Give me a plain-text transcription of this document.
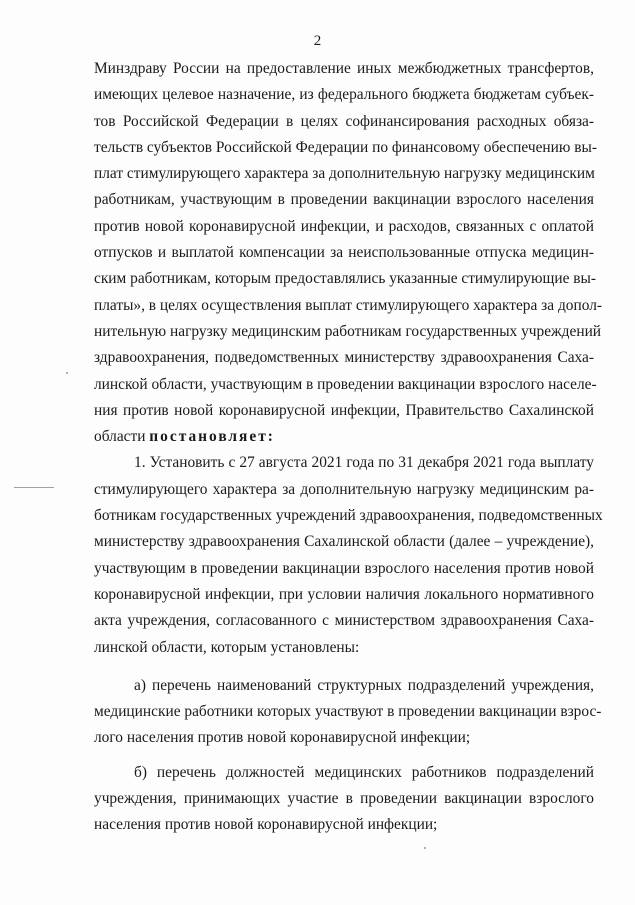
2
Минздраву России на предоставление иных межбюджетных трансфертов,
имеющих целевое назначение, из федерального бюджета бюджетам субъек-
тов Российской Федерации в целях софинансирования расходных обяза-
тельств субъектов Российской Федерации по финансовому обеспечению вы-
плат стимулирующего характера за дополнительную нагрузку медицинским
работникам, участвующим в проведении вакцинации взрослого населения
против новой коронавирусной инфекции, и расходов, связанных с оплатой
отпусков и выплатой компенсации за неиспользованные отпуска медицин-
ским работникам, которым предоставлялись указанные стимулирующие вы-
платы», в целях осуществления выплат стимулирующего характера за допол-
нительную нагрузку медицинским работникам государственных учреждений
здравоохранения, подведомственных министерству здравоохранения Саха-
линской области, участвующим в проведении вакцинации взрослого населе-
ния против новой коронавирусной инфекции, Правительство Сахалинской
области постановляет:
1. Установить с 27 августа 2021 года по 31 декабря 2021 года выплату
стимулирующего характера за дополнительную нагрузку медицинским ра-
ботникам государственных учреждений здравоохранения, подведомственных
министерству здравоохранения Сахалинской области (далее – учреждение),
участвующим в проведении вакцинации взрослого населения против новой
коронавирусной инфекции, при условии наличия локального нормативного
акта учреждения, согласованного с министерством здравоохранения Саха-
линской области, которым установлены:
а) перечень наименований структурных подразделений учреждения,
медицинские работники которых участвуют в проведении вакцинации взрос-
лого населения против новой коронавирусной инфекции;
б) перечень должностей медицинских работников подразделений
учреждения, принимающих участие в проведении вакцинации взрослого
населения против новой коронавирусной инфекции;
